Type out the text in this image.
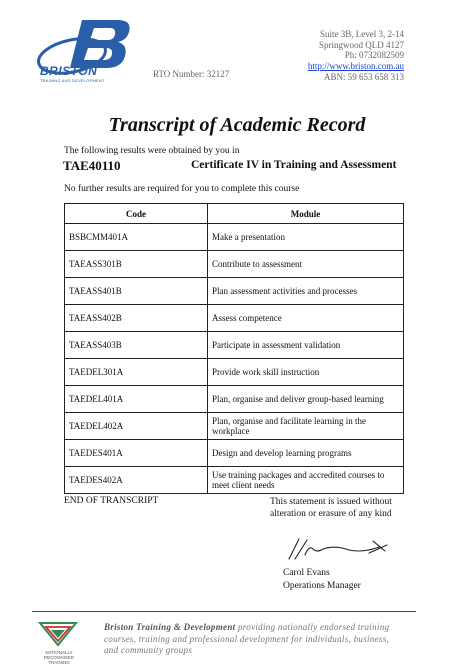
BRISTON
TRAINING AND DEVELOPMENT
RTO Number: 32127
Suite 3B, Level 3, 2-14
Springwood QLD 4127
Ph: 0732082509
http://www.briston.com.au
ABN: 59 653 658 313
Transcript of Academic Record
The following results were obtained by you in
TAE40110	Certificate IV in Training and Assessment
No further results are required for you to complete this course
Code	Module
BSBCMM401A	Make a presentation
TAEASS301B	Contribute to assessment
TAEASS401B	Plan assessment activities and processes
TAEASS402B	Assess competence
TAEASS403B	Participate in assessment validation
TAEDEL301A	Provide work skill instruction
TAEDEL401A	Plan, organise and deliver group-based learning
TAEDEL402A	Plan, organise and facilitate learning in the workplace
TAEDES401A	Design and develop learning programs
TAEDES402A	Use training packages and accredited courses to meet client needs
END OF TRANSCRIPT	This statement is issued without alteration or erasure of any kind
Carol Evans
Operations Manager
NATIONALLY RECOGNISED
TRAINING
Briston Training & Development providing nationally endorsed training courses, training and professional development for individuals, business, and community groups
